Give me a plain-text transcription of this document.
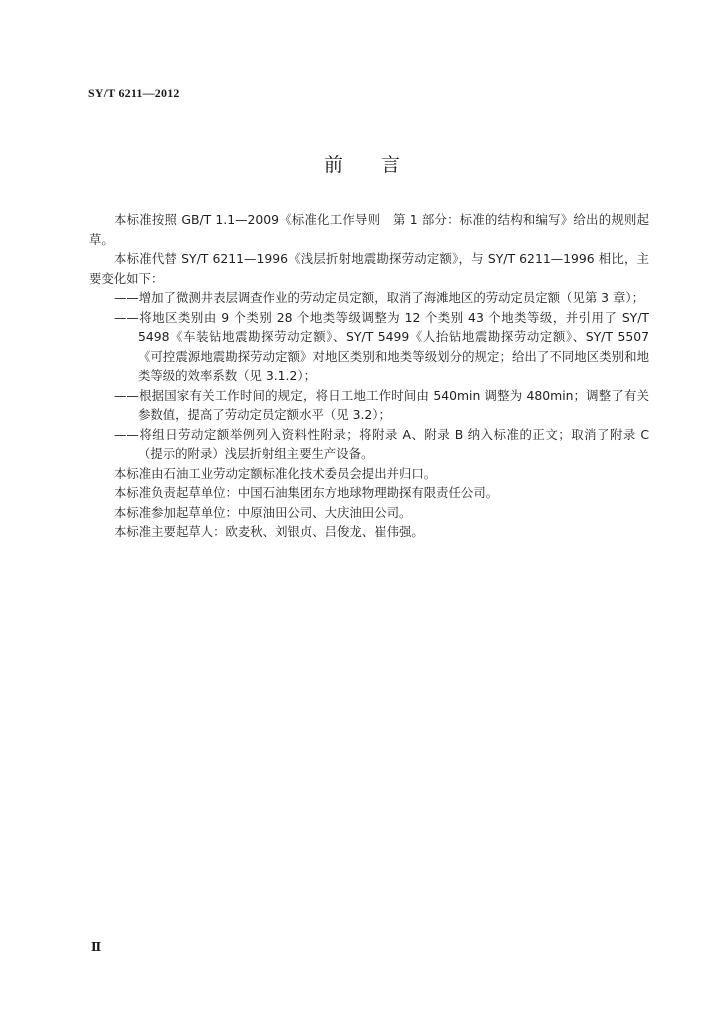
SY/T 6211—2012
前言

本标准按照 GB/T 1.1—2009《标准化工作导则　第 1 部分：标准的结构和编写》给出的规则起草。

本标准代替 SY/T 6211—1996《浅层折射地震勘探劳动定额》，与 SY/T 6211—1996 相比，主要变化如下：

——增加了微测井表层调查作业的劳动定员定额，取消了海滩地区的劳动定员定额（见第 3 章）；

——将地区类别由 9 个类别 28 个地类等级调整为 12 个类别 43 个地类等级，并引用了 SY/T 5498《车装钻地震勘探劳动定额》、SY/T 5499《人抬钻地震勘探劳动定额》、SY/T 5507《可控震源地震勘探劳动定额》对地区类别和地类等级划分的规定；给出了不同地区类别和地类等级的效率系数（见 3.1.2）；

——根据国家有关工作时间的规定，将日工地工作时间由 540min 调整为 480min；调整了有关参数值，提高了劳动定员定额水平（见 3.2）；

——将组日劳动定额举例列入资料性附录；将附录 A、附录 B 纳入标准的正文；取消了附录 C（提示的附录）浅层折射组主要生产设备。

本标准由石油工业劳动定额标准化技术委员会提出并归口。

本标准负责起草单位：中国石油集团东方地球物理勘探有限责任公司。

本标准参加起草单位：中原油田公司、大庆油田公司。

本标准主要起草人：欧麦秋、刘银贞、吕俊龙、崔伟强。

Ⅱ
